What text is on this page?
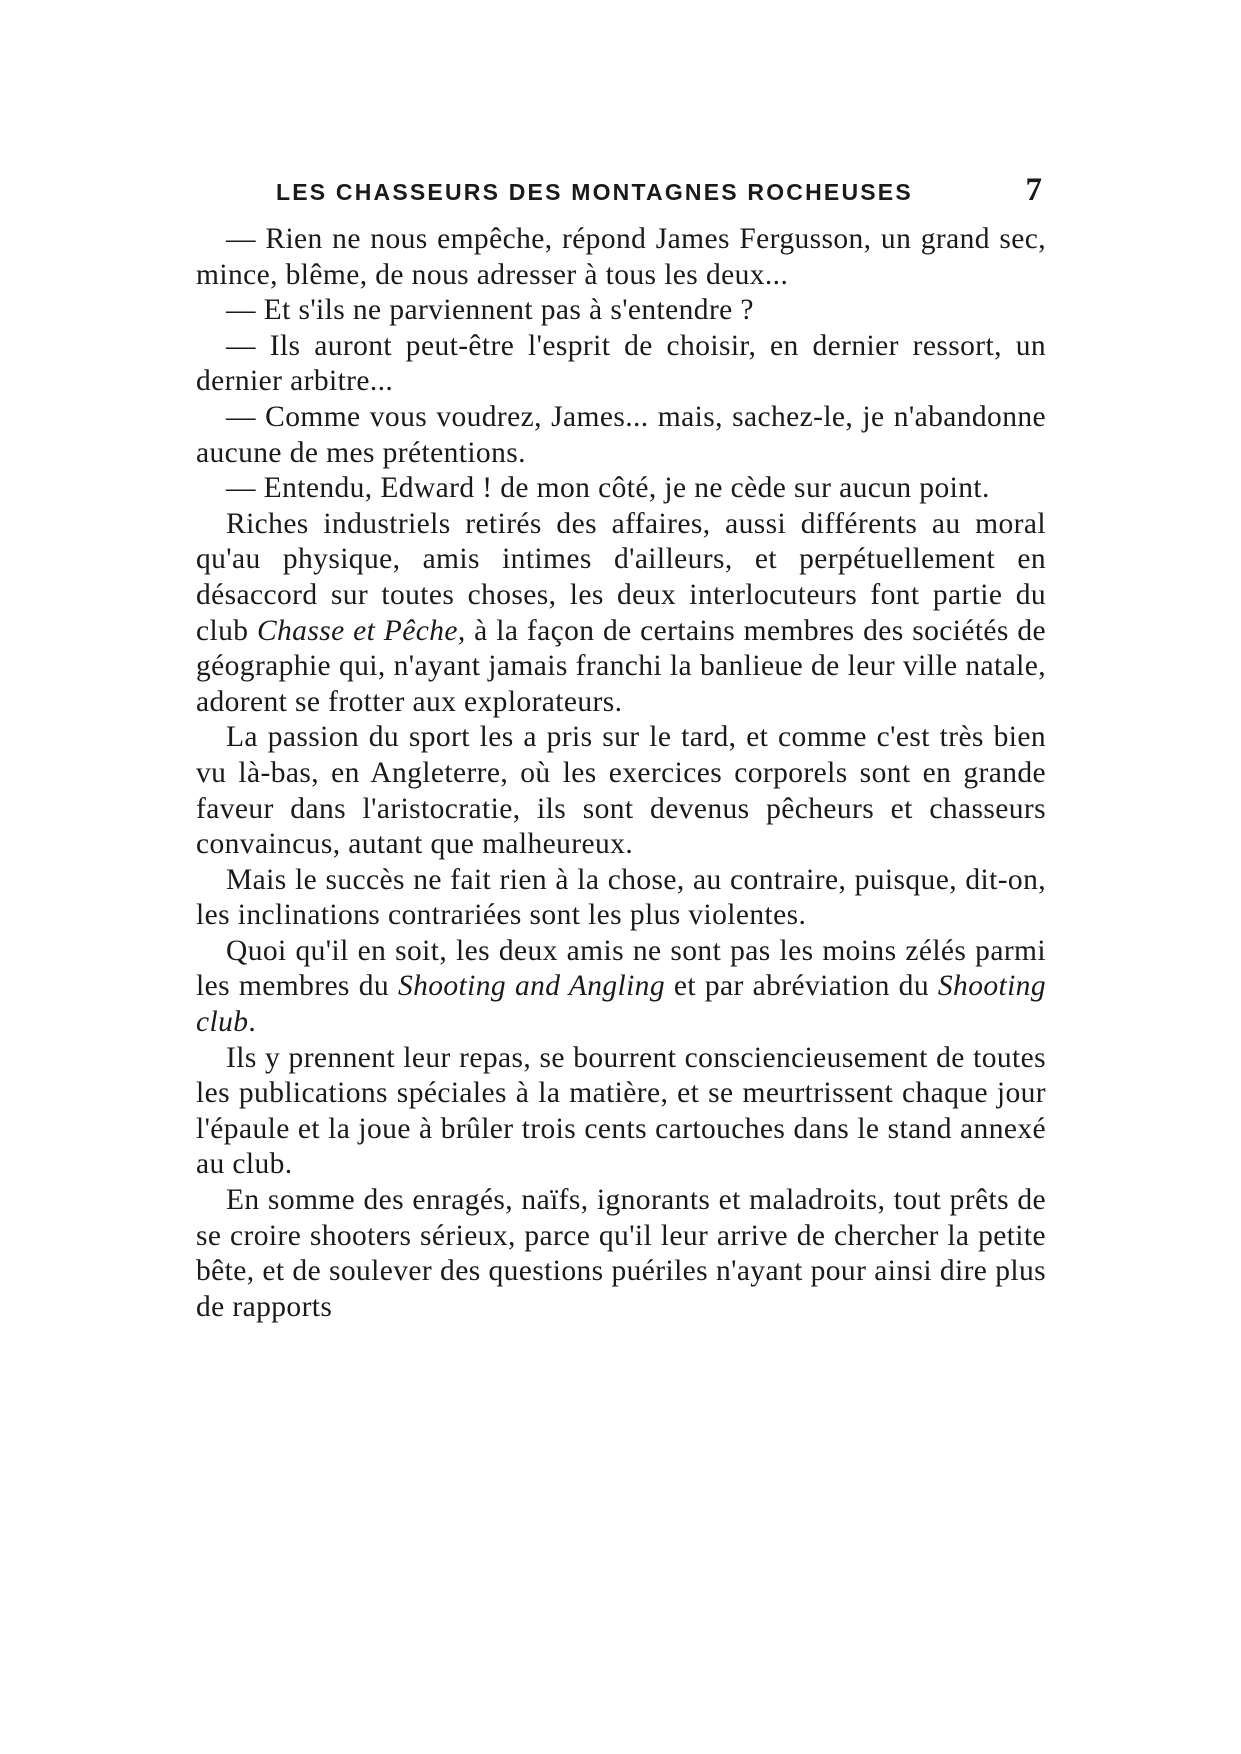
LES CHASSEURS DES MONTAGNES ROCHEUSES	7

— Rien ne nous empêche, répond James Fergusson, un grand sec, mince, blême, de nous adresser à tous les deux...

— Et s'ils ne parviennent pas à s'entendre ?

— Ils auront peut-être l'esprit de choisir, en dernier ressort, un dernier arbitre...

— Comme vous voudrez, James... mais, sachez-le, je n'abandonne aucune de mes prétentions.

— Entendu, Edward ! de mon côté, je ne cède sur aucun point.

Riches industriels retirés des affaires, aussi différents au moral qu'au physique, amis intimes d'ailleurs, et perpétuellement en désaccord sur toutes choses, les deux interlocuteurs font partie du club Chasse et Pêche, à la façon de certains membres des sociétés de géographie qui, n'ayant jamais franchi la banlieue de leur ville natale, adorent se frotter aux explorateurs.

La passion du sport les a pris sur le tard, et comme c'est très bien vu là-bas, en Angleterre, où les exercices corporels sont en grande faveur dans l'aristocratie, ils sont devenus pêcheurs et chasseurs convaincus, autant que malheureux.

Mais le succès ne fait rien à la chose, au contraire, puisque, dit-on, les inclinations contrariées sont les plus violentes.

Quoi qu'il en soit, les deux amis ne sont pas les moins zélés parmi les membres du Shooting and Angling et par abréviation du Shooting club.

Ils y prennent leur repas, se bourrent consciencieusement de toutes les publications spéciales à la matière, et se meurtrissent chaque jour l'épaule et la joue à brûler trois cents cartouches dans le stand annexé au club.

En somme des enragés, naïfs, ignorants et maladroits, tout prêts de se croire shooters sérieux, parce qu'il leur arrive de chercher la petite bête, et de soulever des questions puériles n'ayant pour ainsi dire plus de rapports
